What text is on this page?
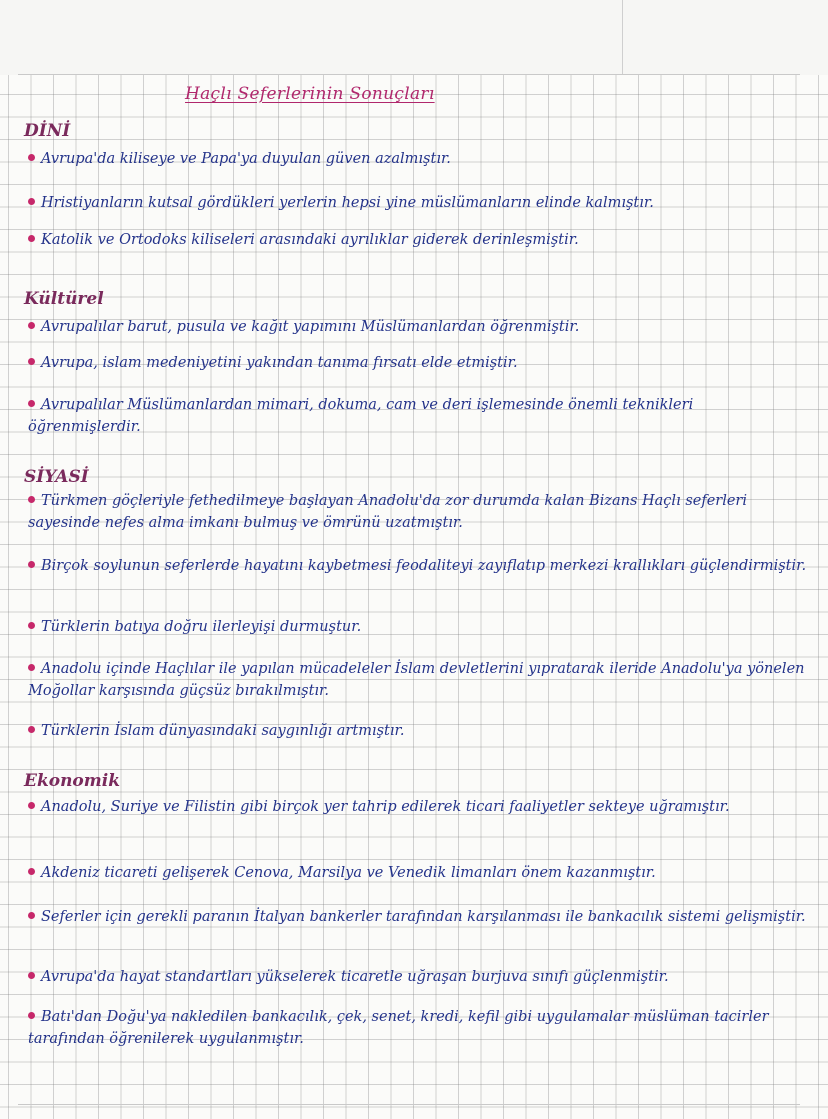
Haçlı Seferlerinin Sonuçları
DİNİ
Avrupa'da kiliseye ve Papa'ya duyulan güven azalmıştır.
Hristiyanların kutsal gördükleri yerlerin hepsi yine müslümanların elinde kalmıştır.
Katolik ve Ortodoks kiliseleri arasındaki ayrılıklar giderek derinleşmiştir.
Kültürel
Avrupalılar barut, pusula ve kağıt yapımını Müslümanlardan öğrenmiştir.
Avrupa, islam medeniyetini yakından tanıma fırsatı elde etmiştir.
Avrupalılar Müslümanlardan mimari, dokuma, cam ve deri işlemesinde önemli teknikleri öğrenmişlerdir.
SİYASİ
Türkmen göçleriyle fethedilmeye başlayan Anadolu'da zor durumda kalan Bizans Haçlı seferleri sayesinde nefes alma imkanı bulmuş ve ömrünü uzatmıştır.
Birçok soylunun seferlerde hayatını kaybetmesi feodaliteyi zayıflatıp merkezi krallıkları güçlendirmiştir.
Türklerin batıya doğru ilerleyişi durmuştur.
Anadolu içinde Haçlılar ile yapılan mücadeleler İslam devletlerini yıpratarak ileride Anadolu'ya yönelen Moğollar karşısında güçsüz bırakılmıştır.
Türklerin İslam dünyasındaki saygınlığı artmıştır.
Ekonomik
Anadolu, Suriye ve Filistin gibi birçok yer tahrip edilerek ticari faaliyetler sekteye uğramıştır.
Akdeniz ticareti gelişerek Cenova, Marsilya ve Venedik limanları önem kazanmıştır.
Seferler için gerekli paranın İtalyan bankerler tarafından karşılanması ile bankacılık sistemi gelişmiştir.
Avrupa'da hayat standartları yükselerek ticaretle uğraşan burjuva sınıfı güçlenmiştir.
Batı'dan Doğu'ya nakledilen bankacılık, çek, senet, kredi, kefil gibi uygulamalar müslüman tacirler tarafından öğrenilerek uygulanmıştır.
